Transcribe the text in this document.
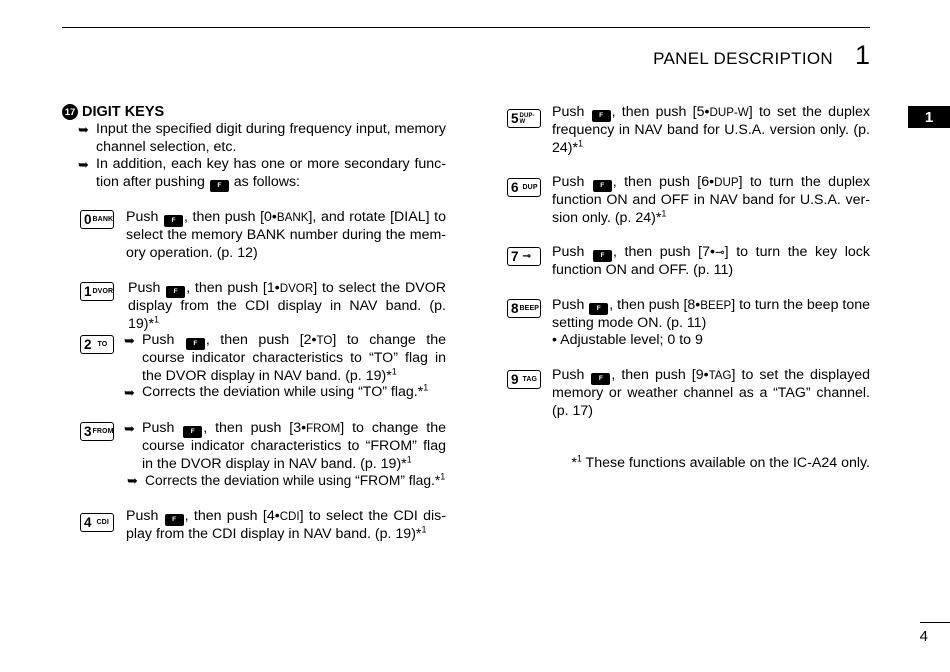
PANEL DESCRIPTION 1
1
4
17 DIGIT KEYS
➥ Input the specified digit during frequency input, memory channel selection, etc.
➥ In addition, each key has one or more secondary func-tion after pushing F as follows:
0 BANK Push F , then push [0•BANK], and rotate [DIAL] to select the memory BANK number during the mem-ory operation. (p. 12)
1 DVOR Push F , then push [1•DVOR] to select the DVOR display from the CDI display in NAV band. (p. 19)*$^1$
2 TO ➥ Push	F , then push [2•TO] to change the course indicator characteristics to “TO” flag in the DVOR display in NAV band. (p. 19)*$^1$
➥ Corrects the deviation while using “TO” flag.*$^1$
3 FROM ➥ Push	F , then push [3•FROM] to change the course indicator characteristics to “FROM” flag in the DVOR display in NAV band. (p. 19)*$^1$
➥ Corrects the deviation while using “FROM” flag.*$^1$
4 CDI Push F , then push [4•CDI] to select the CDI dis-play from the CDI display in NAV band. (p. 19)*$^1$
5 DUP-W
Push F , then push [5•DUP-W] to set the duplex frequency in NAV band for U.S.A. version only. (p. 24)*$^1$
6 DUP Push F , then push [6•DUP] to turn the duplex function ON and OFF in NAV band for U.S.A. ver-sion only. (p. 24)*$^1$
7 ⊸ Push F , then push [7•⊸] to turn the key lock function ON and OFF. (p. 11)
8 BEEP Push F , then push [8•BEEP] to turn the beep tone setting mode ON. (p. 11)
• Adjustable level; 0 to 9
9 TAG Push F , then push [9•TAG] to set the displayed memory or weather channel as a “TAG” channel. (p. 17)
*$^1$ These functions available on the IC-A24 only.
